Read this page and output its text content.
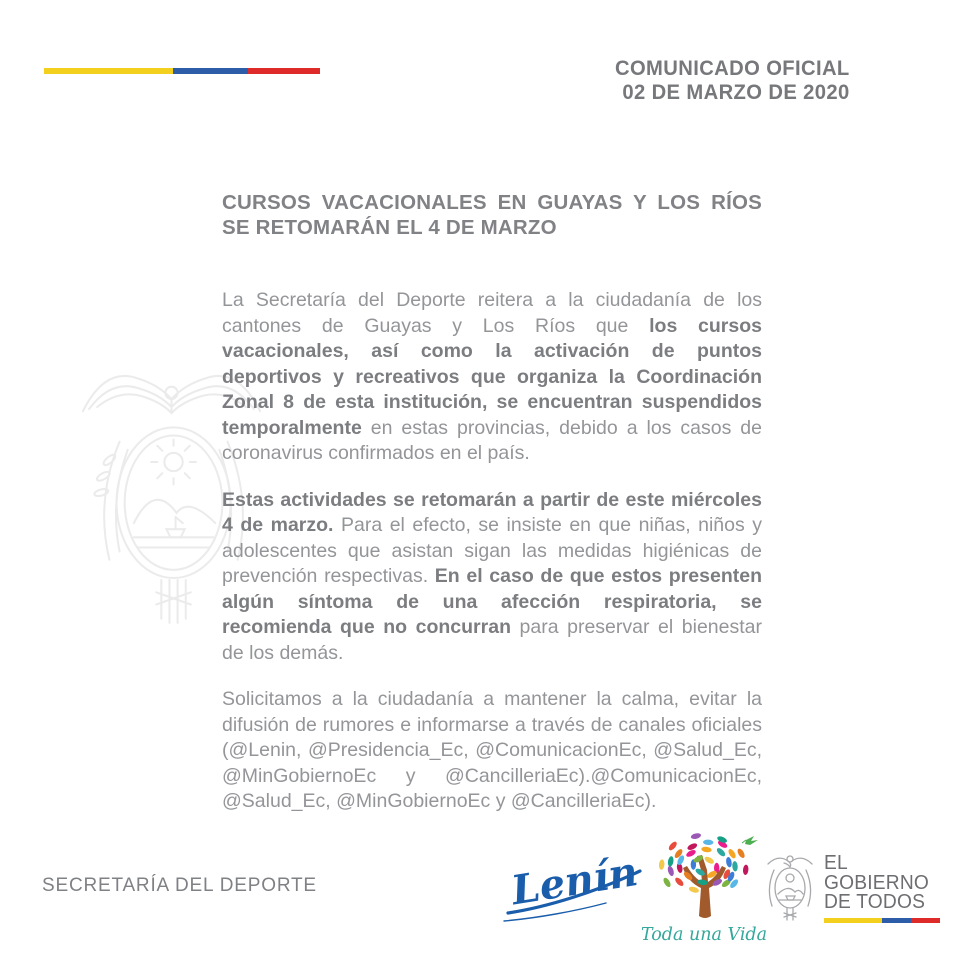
COMUNICADO OFICIAL
02 DE MARZO DE 2020
CURSOS VACACIONALES EN GUAYAS Y LOS RÍOS SE RETOMARÁN EL 4 DE MARZO

La Secretaría del Deporte reitera a la ciudadanía de los cantones de Guayas y Los Ríos que los cursos vacacionales, así como la activación de puntos deportivos y recreativos que organiza la Coordinación Zonal 8 de esta institución, se encuentran suspendidos temporalmente en estas provincias, debido a los casos de coronavirus confirmados en el país.

Estas actividades se retomarán a partir de este miércoles 4 de marzo. Para el efecto, se insiste en que niñas, niños y adolescentes que asistan sigan las medidas higiénicas de prevención respectivas. En el caso de que estos presenten algún síntoma de una afección respiratoria, se recomienda que no concurran para preservar el bienestar de los demás.

Solicitamos a la ciudadanía a mantener la calma, evitar la difusión de rumores e informarse a través de canales oficiales (@Lenin, @Presidencia_Ec, @ComunicacionEc, @Salud_Ec, @MinGobiernoEc y @CancilleriaEc).@ComunicacionEc, @Salud_Ec, @MinGobiernoEc y @CancilleriaEc).

SECRETARÍA DEL DEPORTE	Lenín
Toda una Vida
EL
GOBIERNO
DE TODOS
